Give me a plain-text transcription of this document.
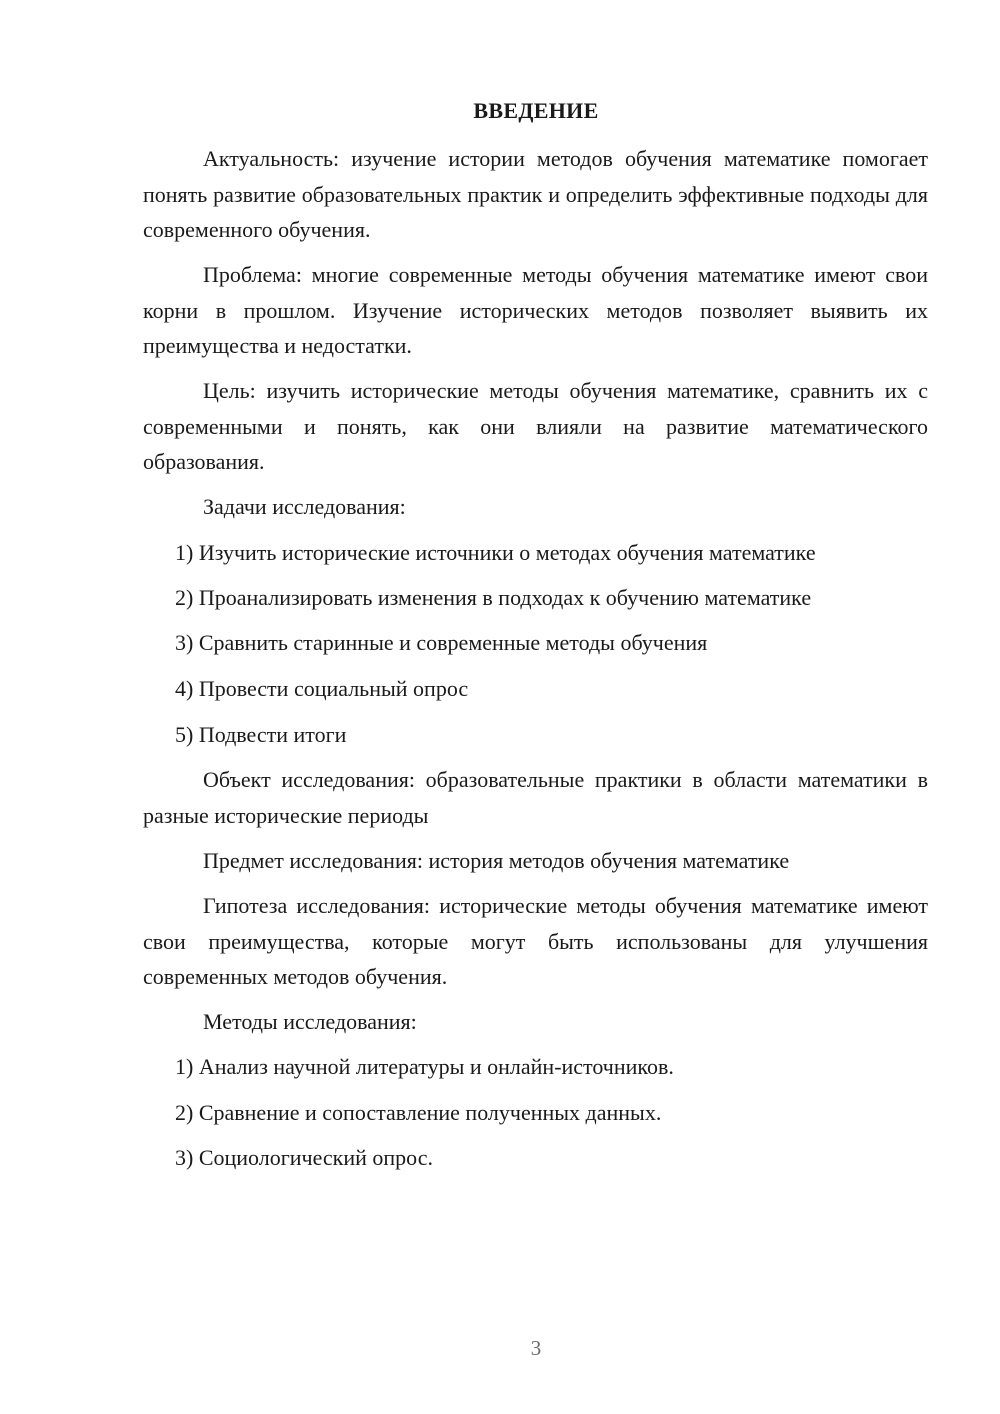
ВВЕДЕНИЕ
Актуальность: изучение истории методов обучения математике помогает понять развитие образовательных практик и определить эффективные подходы для современного обучения.
Проблема: многие современные методы обучения математике имеют свои корни в прошлом. Изучение исторических методов позволяет выявить их преимущества и недостатки.
Цель: изучить исторические методы обучения математике, сравнить их с современными и понять, как они влияли на развитие математического образования.
Задачи исследования:
1) Изучить исторические источники о методах обучения математике
2) Проанализировать изменения в подходах к обучению математике
3) Сравнить старинные и современные методы обучения
4) Провести социальный опрос
5) Подвести итоги
Объект исследования: образовательные практики в области математики в разные исторические периоды
Предмет исследования: история методов обучения математике
Гипотеза исследования: исторические методы обучения математике имеют свои преимущества, которые могут быть использованы для улучшения современных методов обучения.
Методы исследования:
1) Анализ научной литературы и онлайн-источников.
2) Сравнение и сопоставление полученных данных.
3) Социологический опрос.
3
